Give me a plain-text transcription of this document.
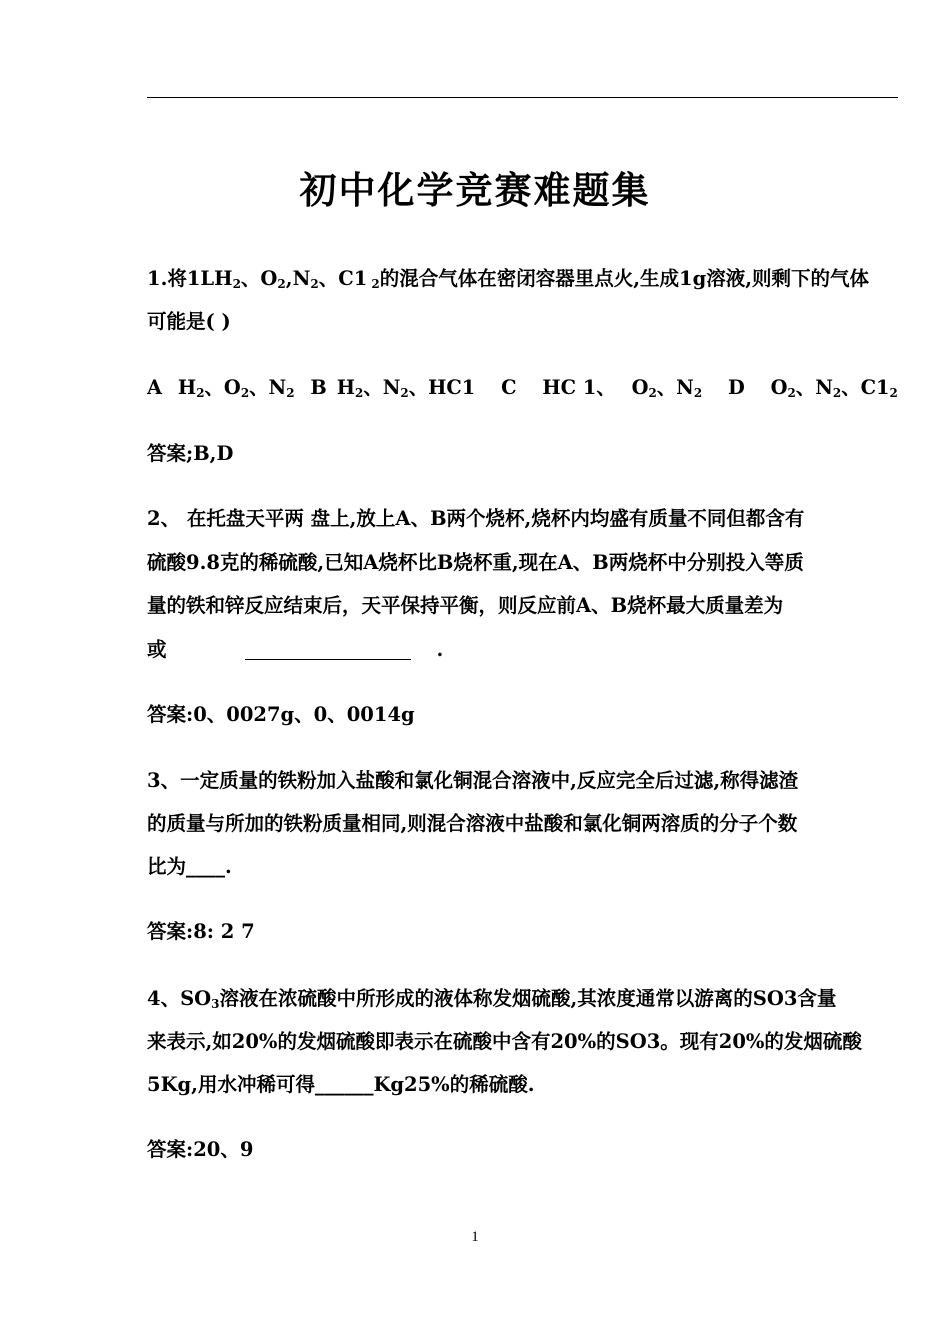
初中化学竞赛难题集
1.将$1LH_2$、$O_2,N_2$、C1 $_2$的混合气体在密闭容器里点火,生成1g溶液,则剩下的气体
可能是( )
A $H_2$、$O_2$、$N_2$ B $H_2$、$N_2$、HC1 C HC 1、 $O_2$、$N_2$ D $O_2$、$N_2$、$C1_2$
答案;B,D
2、 在托盘天平两 盘上,放上A、B两个烧杯,烧杯内均盛有质量不同但都含有
硫酸9.8克的稀硫酸,已知A烧杯比B烧杯重,现在A、B两烧杯中分别投入等质
量的铁和锌反应结束后，天平保持平衡，则反应前A、B烧杯最大质量差为
或	.
答案:0、0027g、0、0014g
3、一定质量的铁粉加入盐酸和氯化铜混合溶液中,反应完全后过滤,称得滤渣
的质量与所加的铁粉质量相同,则混合溶液中盐酸和氯化铜两溶质的分子个数
比为____.
答案:8: 2 7
4、$SO_3$溶液在浓硫酸中所形成的液体称发烟硫酸,其浓度通常以游离的SO3含量
来表示,如20%的发烟硫酸即表示在硫酸中含有20%的SO3。现有20%的发烟硫酸
5Kg,用水冲稀可得______Kg25%的稀硫酸.
答案:20、9
1
